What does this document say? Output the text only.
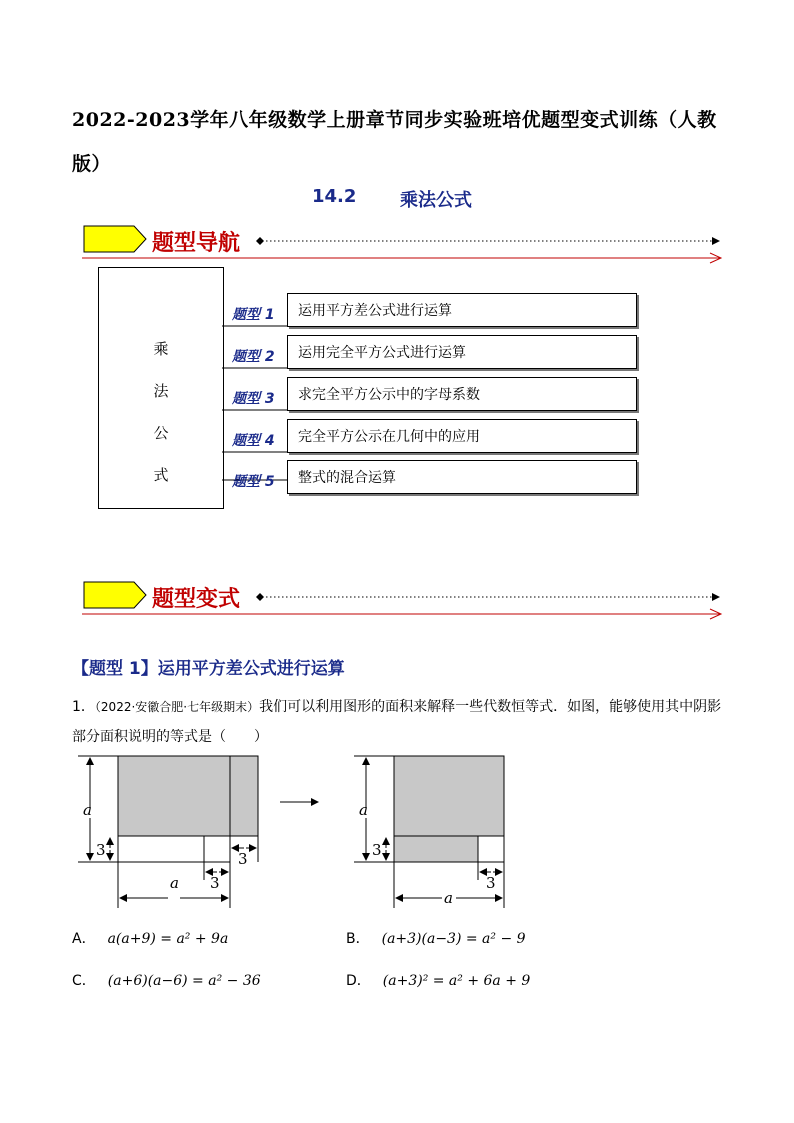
2022-2023学年八年级数学上册章节同步实验班培优题型变式训练（人教版）
14.2 乘法公式
题型导航
乘
法
公
式
题型 1 运用平方差公式进行运算
题型 2 运用完全平方公式进行运算
题型 3 求完全平方公示中的字母系数
题型 4 完全平方公示在几何中的应用
题型 5 整式的混合运算
题型变式
【题型 1】运用平方差公式进行运算
1．（2022·安徽合肥·七年级期末）我们可以利用图形的面积来解释一些代数恒等式．如图，能够使用其中阴影部分面积说明的等式是（　　）
a
3	3
3
a
a
3
3
a
A． a(a+9) = a² + 9a	B． (a+3)(a−3) = a² − 9
C． (a+6)(a−6) = a² − 36	D． (a+3)² = a² + 6a + 9
